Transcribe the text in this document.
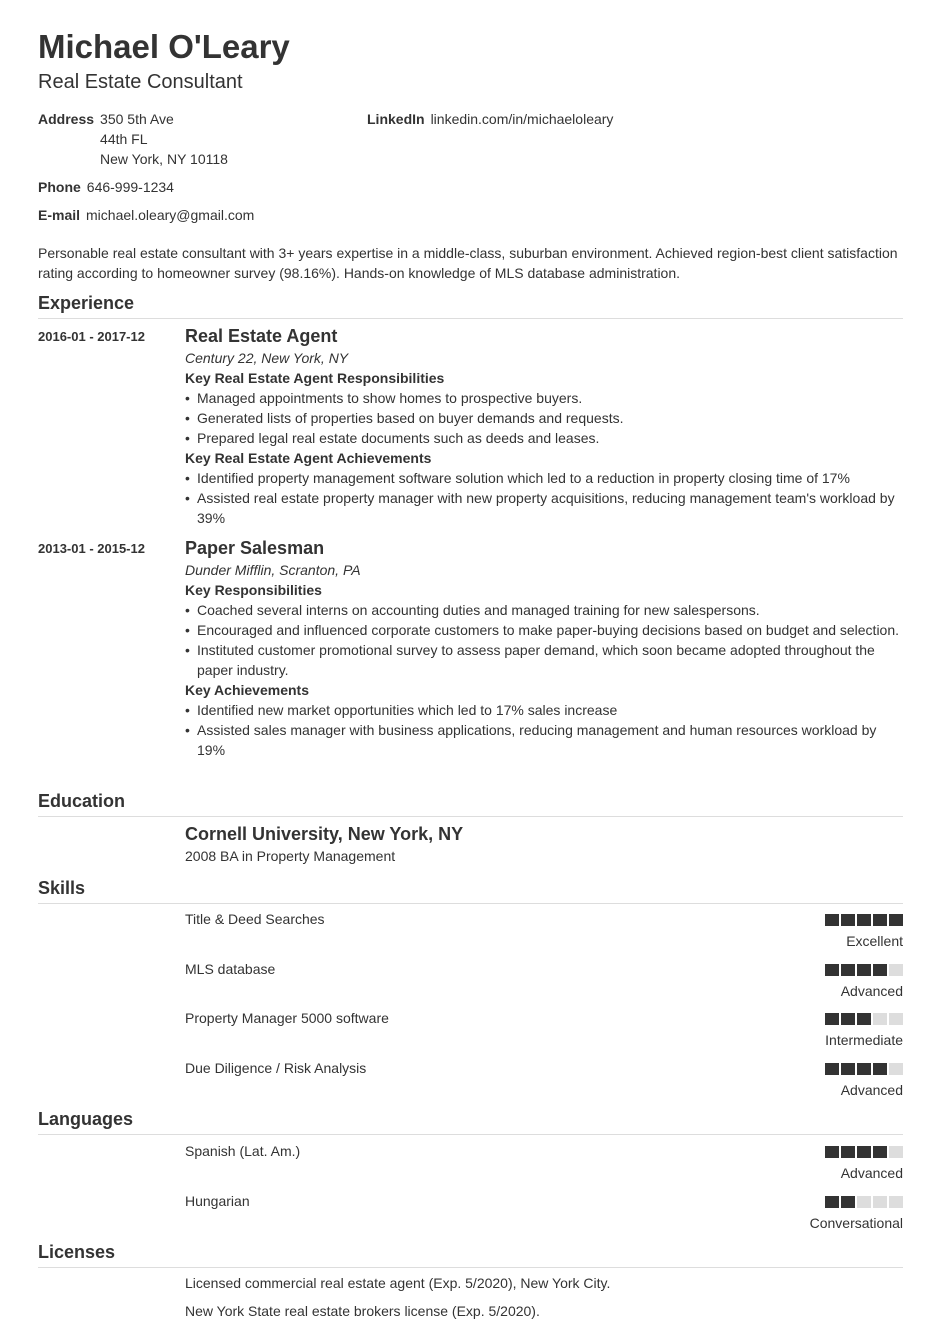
Michael O'Leary
Real Estate Consultant
Address 350 5th Ave
44th FL
New York, NY 10118
LinkedIn linkedin.com/in/michaeloleary
Phone 646-999-1234
E-mail michael.oleary@gmail.com

Personable real estate consultant with 3+ years expertise in a middle-class, suburban environment. Achieved region-best client satisfaction rating according to homeowner survey (98.16%). Hands-on knowledge of MLS database administration.

Experience
2016-01 - 2017-12 Real Estate Agent
Century 22, New York, NY
Key Real Estate Agent Responsibilities
• Managed appointments to show homes to prospective buyers.
• Generated lists of properties based on buyer demands and requests.
• Prepared legal real estate documents such as deeds and leases.
Key Real Estate Agent Achievements
• Identified property management software solution which led to a reduction in property closing time of 17%
• Assisted real estate property manager with new property acquisitions, reducing management team's workload by 39%
2013-01 - 2015-12 Paper Salesman
Dunder Mifflin, Scranton, PA
Key Responsibilities
• Coached several interns on accounting duties and managed training for new salespersons.
• Encouraged and influenced corporate customers to make paper-buying decisions based on budget and selection.
• Instituted customer promotional survey to assess paper demand, which soon became adopted throughout the paper industry.
Key Achievements
• Identified new market opportunities which led to 17% sales increase
• Assisted sales manager with business applications, reducing management and human resources workload by 19%
Education
Cornell University, New York, NY
2008 BA in Property Management
Skills
Title & Deed Searches
Excellent
MLS database
Advanced
Property Manager 5000 software
Intermediate
Due Diligence / Risk Analysis
Advanced
Languages
Spanish (Lat. Am.)
Advanced
Hungarian
Conversational
Licenses
Licensed commercial real estate agent (Exp. 5/2020), New York City.
New York State real estate brokers license (Exp. 5/2020).
